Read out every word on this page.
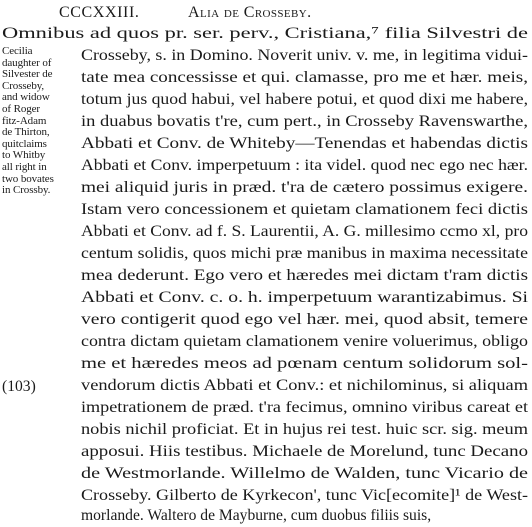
CCCXXIII.	Alia de Crosseby.
Cecilia
daughter of
Silvester de
Crosseby,
and widow
of Roger
fitz-Adam
de Thirton,
quitclaims
to Whitby
all right in
two bovates
in Crossby.
(103)
Omnibus ad quos pr. ser. perv., Cristiana,⁷ filia Silvestri de
Crosseby, s. in Domino. Noverit univ. v. me, in legitima vidui-
tate mea concessisse et qui. clamasse, pro me et hær. meis,
totum jus quod habui, vel habere potui, et quod dixi me habere,
in duabus bovatis t're, cum pert., in Crosseby Ravenswarthe,
Abbati et Conv. de Whiteby—Tenendas et habendas dictis
Abbati et Conv. imperpetuum : ita videl. quod nec ego nec hær.
mei aliquid juris in præd. t'ra de cætero possimus exigere.
Istam vero concessionem et quietam clamationem feci dictis
Abbati et Conv. ad f. S. Laurentii, A. G. millesimo ccmo xl, pro
centum solidis, quos michi præ manibus in maxima necessitate
mea dederunt. Ego vero et hæredes mei dictam t'ram dictis
Abbati et Conv. c. o. h. imperpetuum warantizabimus. Si
vero contigerit quod ego vel hær. mei, quod absit, temere
contra dictam quietam clamationem venire voluerimus, obligo
me et hæredes meos ad pœnam centum solidorum sol-
vendorum dictis Abbati et Conv.: et nichilominus, si aliquam
impetrationem de præd. t'ra fecimus, omnino viribus careat et
nobis nichil proficiat. Et in hujus rei test. huic scr. sig. meum
apposui. Hiis testibus. Michaele de Morelund, tunc Decano
de Westmorlande. Willelmo de Walden, tunc Vicario de
Crosseby. Gilberto de Kyrkecon', tunc Vic[ecomite]¹ de West-
morlande. Waltero de Mayburne, cum duobus filiis suis,
